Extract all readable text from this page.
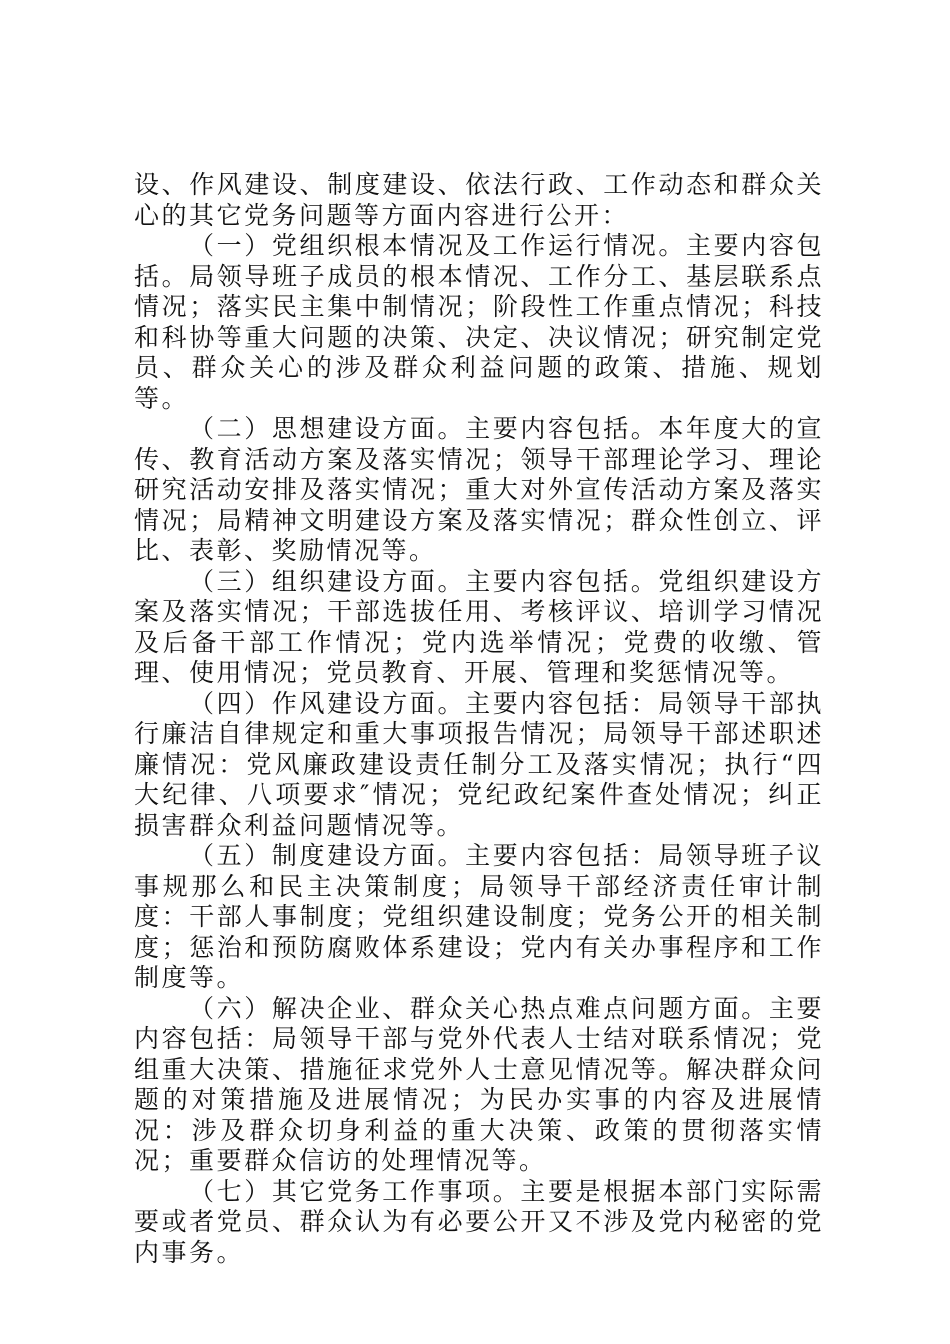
设、作风建设、制度建设、依法行政、工作动态和群众关心的其它党务问题等方面内容进行公开：

（一）党组织根本情况及工作运行情况。主要内容包括。局领导班子成员的根本情况、工作分工、基层联系点情况；落实民主集中制情况；阶段性工作重点情况；科技和科协等重大问题的决策、决定、决议情况；研究制定党员、群众关心的涉及群众利益问题的政策、措施、规划等。

（二）思想建设方面。主要内容包括。本年度大的宣传、教育活动方案及落实情况；领导干部理论学习、理论研究活动安排及落实情况；重大对外宣传活动方案及落实情况；局精神文明建设方案及落实情况；群众性创立、评比、表彰、奖励情况等。

（三）组织建设方面。主要内容包括。党组织建设方案及落实情况；干部选拔任用、考核评议、培训学习情况及后备干部工作情况；党内选举情况；党费的收缴、管理、使用情况；党员教育、开展、管理和奖惩情况等。

（四）作风建设方面。主要内容包括：局领导干部执行廉洁自律规定和重大事项报告情况；局领导干部述职述廉情况：党风廉政建设责任制分工及落实情况；执行“四大纪律、八项要求″情况；党纪政纪案件查处情况；纠正损害群众利益问题情况等。

（五）制度建设方面。主要内容包括：局领导班子议事规那么和民主决策制度；局领导干部经济责任审计制度：干部人事制度；党组织建设制度；党务公开的相关制度；惩治和预防腐败体系建设；党内有关办事程序和工作制度等。

（六）解决企业、群众关心热点难点问题方面。主要内容包括：局领导干部与党外代表人士结对联系情况；党组重大决策、措施征求党外人士意见情况等。解决群众问题的对策措施及进展情况；为民办实事的内容及进展情况：涉及群众切身利益的重大决策、政策的贯彻落实情况；重要群众信访的处理情况等。

（七）其它党务工作事项。主要是根据本部门实际需要或者党员、群众认为有必要公开又不涉及党内秘密的党内事务。
